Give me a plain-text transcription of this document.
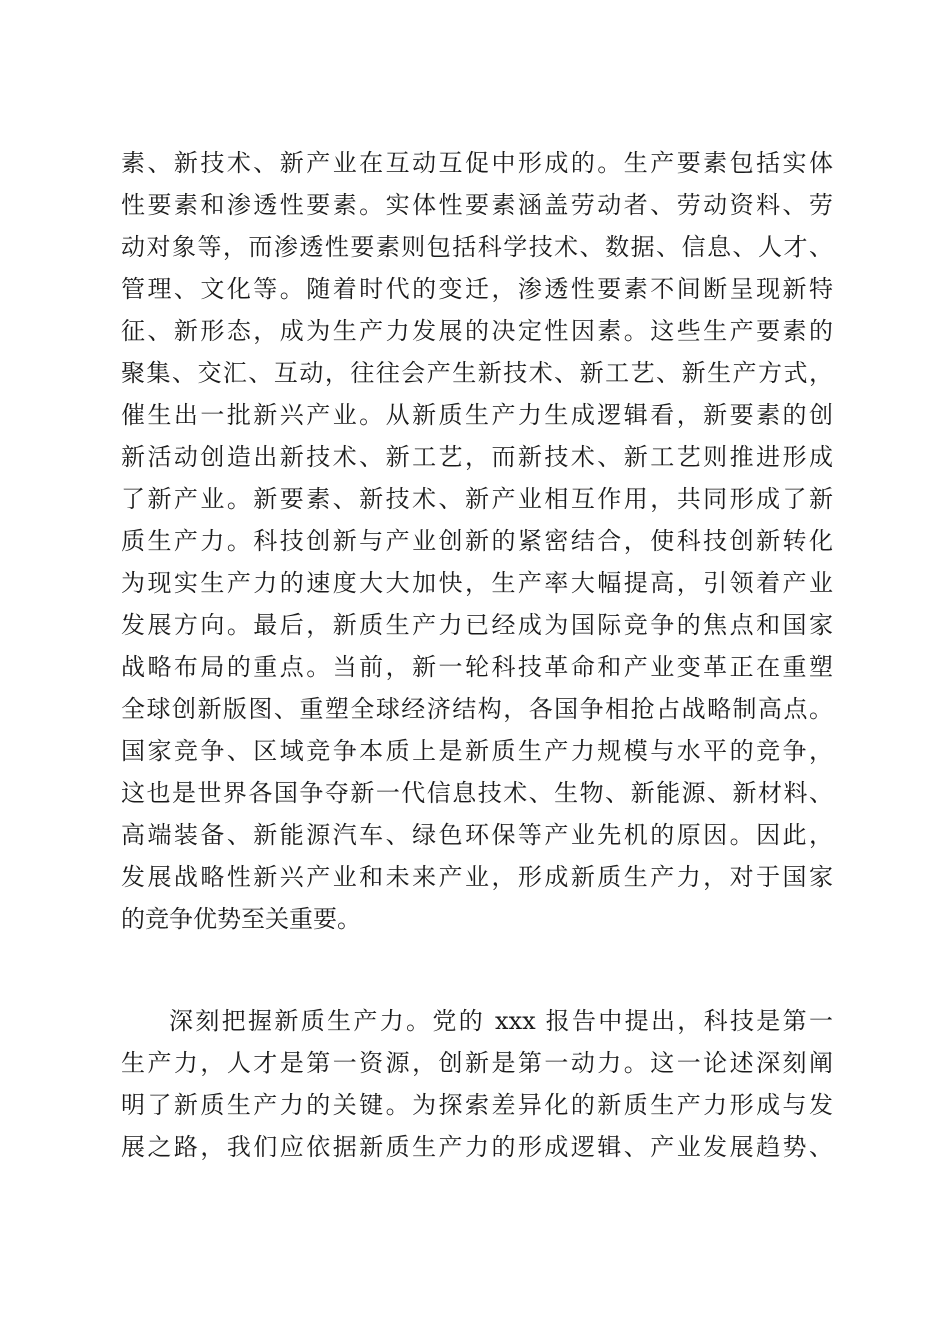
素、新技术、新产业在互动互促中形成的。生产要素包括实体
性要素和渗透性要素。实体性要素涵盖劳动者、劳动资料、劳
动对象等，而渗透性要素则包括科学技术、数据、信息、人才、
管理、文化等。随着时代的变迁，渗透性要素不间断呈现新特
征、新形态，成为生产力发展的决定性因素。这些生产要素的
聚集、交汇、互动，往往会产生新技术、新工艺、新生产方式，
催生出一批新兴产业。从新质生产力生成逻辑看，新要素的创
新活动创造出新技术、新工艺，而新技术、新工艺则推进形成
了新产业。新要素、新技术、新产业相互作用，共同形成了新
质生产力。科技创新与产业创新的紧密结合，使科技创新转化
为现实生产力的速度大大加快，生产率大幅提高，引领着产业
发展方向。最后，新质生产力已经成为国际竞争的焦点和国家
战略布局的重点。当前，新一轮科技革命和产业变革正在重塑
全球创新版图、重塑全球经济结构，各国争相抢占战略制高点。
国家竞争、区域竞争本质上是新质生产力规模与水平的竞争，
这也是世界各国争夺新一代信息技术、生物、新能源、新材料、
高端装备、新能源汽车、绿色环保等产业先机的原因。因此，
发展战略性新兴产业和未来产业，形成新质生产力，对于国家
的竞争优势至关重要。
深刻把握新质生产力。党的 xxx 报告中提出，科技是第一
生产力，人才是第一资源，创新是第一动力。这一论述深刻阐
明了新质生产力的关键。为探索差异化的新质生产力形成与发
展之路，我们应依据新质生产力的形成逻辑、产业发展趋势、
